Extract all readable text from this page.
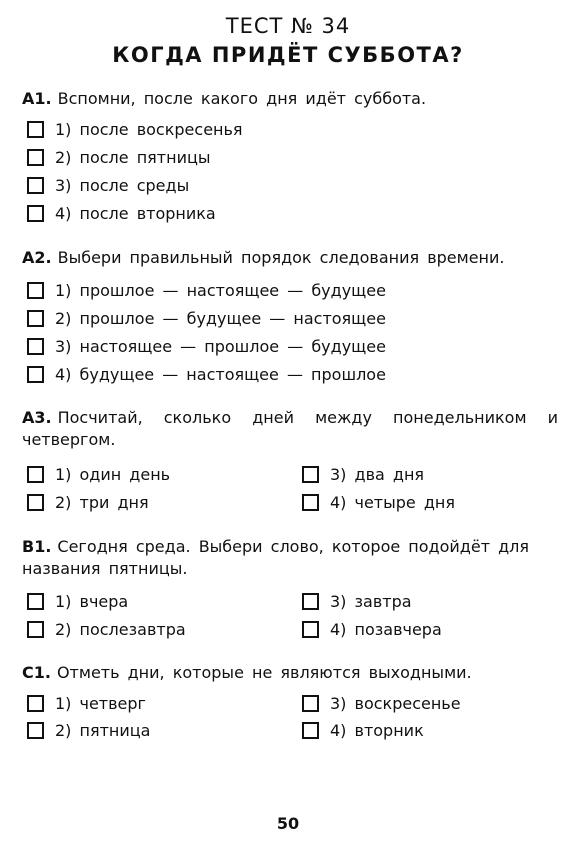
ТЕСТ № 34
КОГДА ПРИДЁТ СУББОТА?
А1. Вспомни, после какого дня идёт суббота.
1) после воскресенья
2) после пятницы
3) после среды
4) после вторника
А2. Выбери правильный порядок следования времени.
1) прошлое — настоящее — будущее
2) прошлое — будущее — настоящее
3) настоящее — прошлое — будущее
4) будущее — настоящее — прошлое
А3. Посчитай, сколько дней между понедельником и четвергом.
1) один день
2) три дня
3) два дня
4) четыре дня
В1. Сегодня среда. Выбери слово, которое подойдёт для названия пятницы.
1) вчера
2) послезавтра
3) завтра
4) позавчера
С1. Отметь дни, которые не являются выходными.
1) четверг
2) пятница
3) воскресенье
4) вторник
50
